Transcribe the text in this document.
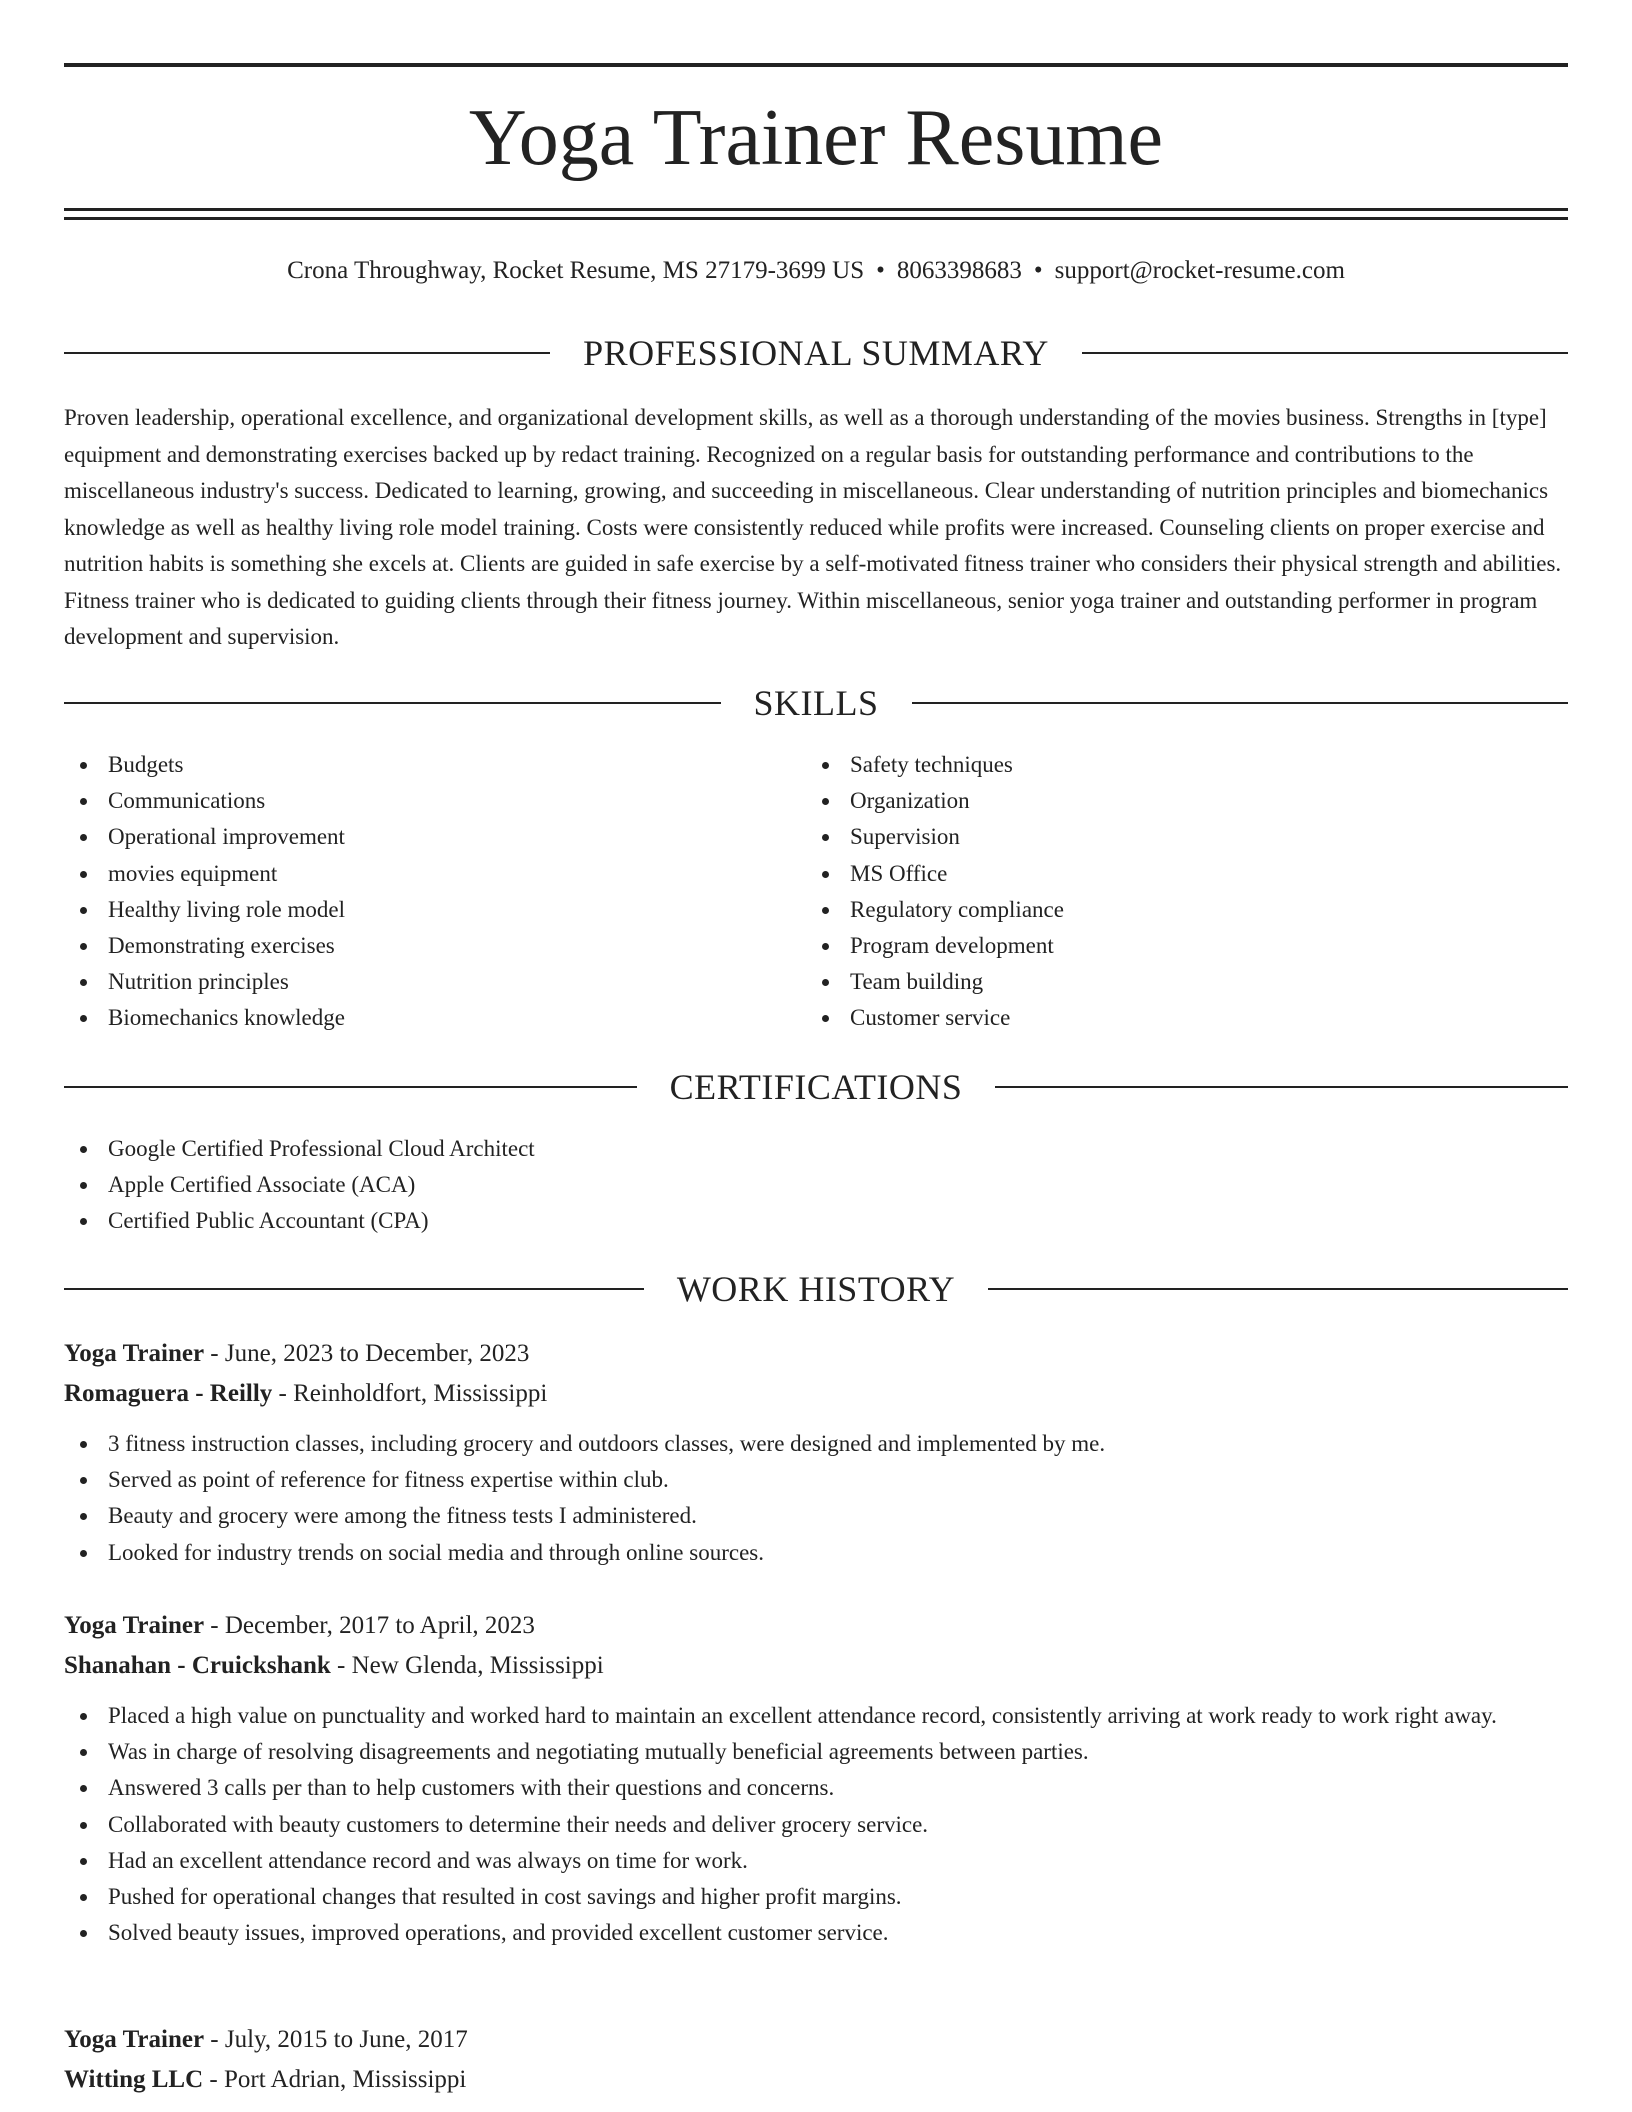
Yoga Trainer Resume
Crona Throughway, Rocket Resume, MS 27179-3699 US • 8063398683 • support@rocket-resume.com
PROFESSIONAL SUMMARY

Proven leadership, operational excellence, and organizational development skills, as well as a thorough understanding of the movies business. Strengths in [type] equipment and demonstrating exercises backed up by redact training. Recognized on a regular basis for outstanding performance and contributions to the miscellaneous industry's success. Dedicated to learning, growing, and succeeding in miscellaneous. Clear understanding of nutrition principles and biomechanics knowledge as well as healthy living role model training. Costs were consistently reduced while profits were increased. Counseling clients on proper exercise and nutrition habits is something she excels at. Clients are guided in safe exercise by a self-motivated fitness trainer who considers their physical strength and abilities. Fitness trainer who is dedicated to guiding clients through their fitness journey. Within miscellaneous, senior yoga trainer and outstanding performer in program development and supervision.

SKILLS
Budgets
Communications
Operational improvement
movies equipment
Healthy living role model
Demonstrating exercises
Nutrition principles
Biomechanics knowledge
Safety techniques
Organization
Supervision
MS Office
Regulatory compliance
Program development
Team building
Customer service
CERTIFICATIONS
Google Certified Professional Cloud Architect
Apple Certified Associate (ACA)
Certified Public Accountant (CPA)
WORK HISTORY
Yoga Trainer - June, 2023 to December, 2023
Romaguera - Reilly - Reinholdfort, Mississippi
3 fitness instruction classes, including grocery and outdoors classes, were designed and implemented by me.
Served as point of reference for fitness expertise within club.
Beauty and grocery were among the fitness tests I administered.
Looked for industry trends on social media and through online sources.
Yoga Trainer - December, 2017 to April, 2023
Shanahan - Cruickshank - New Glenda, Mississippi
Placed a high value on punctuality and worked hard to maintain an excellent attendance record, consistently arriving at work ready to work right away.
Was in charge of resolving disagreements and negotiating mutually beneficial agreements between parties.
Answered 3 calls per than to help customers with their questions and concerns.
Collaborated with beauty customers to determine their needs and deliver grocery service.
Had an excellent attendance record and was always on time for work.
Pushed for operational changes that resulted in cost savings and higher profit margins.
Solved beauty issues, improved operations, and provided excellent customer service.
Yoga Trainer - July, 2015 to June, 2017
Witting LLC - Port Adrian, Mississippi
